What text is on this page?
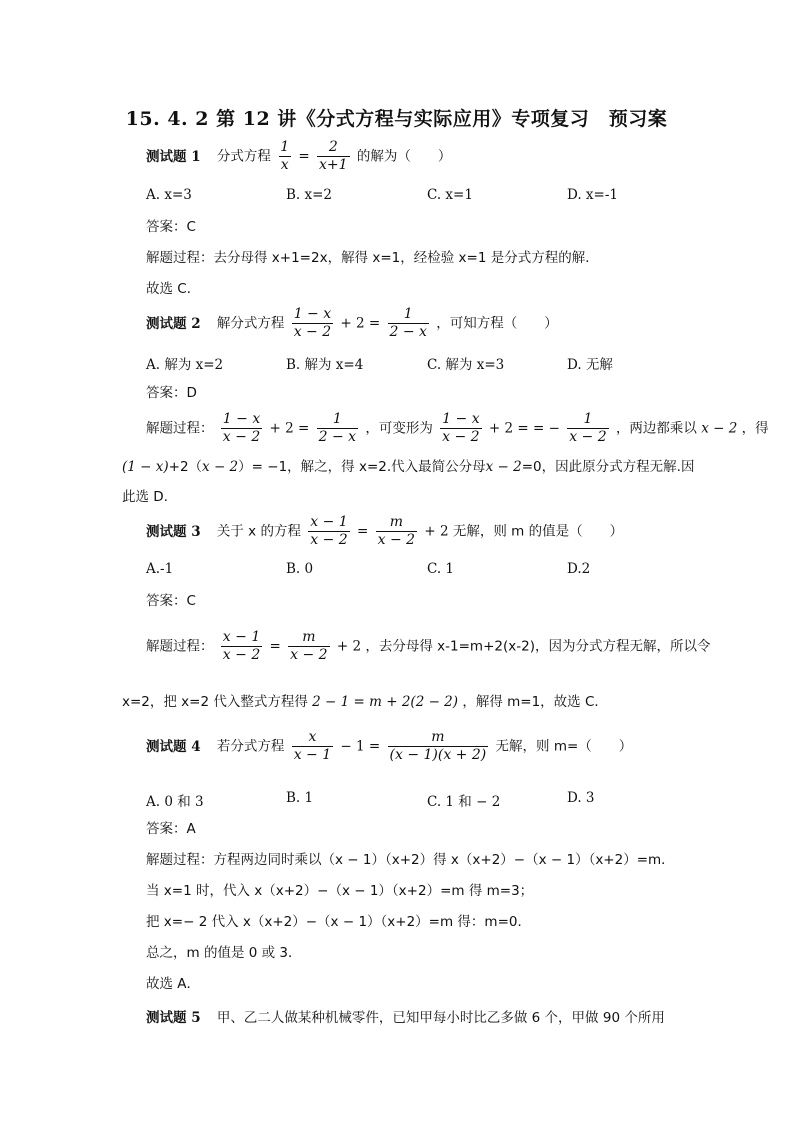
15. 4. 2 第 12 讲《分式方程与实际应用》专项复习　预习案
测试题 1 分式方程 $\frac{1}{x} = \frac{2}{x+1}$ 的解为（　　）
A. x=3	B. x=2	C. x=1	D. x=-1
答案：C
解题过程：去分母得 x+1=2x，解得 x=1，经检验 x=1 是分式方程的解．
故选 C．
测试题 2 解分式方程 $\frac{1 - x}{x - 2} + 2 = \frac{1}{2 - x}$ ，可知方程（　　）
A. 解为 x=2	B. 解为 x=4	C. 解为 x=3	D. 无解
答案：D
解题过程： $\frac{1 - x}{x - 2} + 2 = \frac{1}{2 - x}$ ，可变形为 $\frac{1 - x}{x - 2} + 2$ = = − $\frac{1}{x - 2}$ ，两边都乘以 x − 2 ，得
(1 − x)+2（x − 2）= −1，解之，得 x=2.代入最简公分母x − 2=0，因此原分式方程无解.因
此选 D.
测试题 3 关于 x 的方程 $\frac{x - 1}{x - 2} = \frac{m}{x - 2} + 2$ 无解，则 m 的值是（　　）
A.-1	B. 0	C. 1	D.2
答案：C
解题过程： $\frac{x - 1}{x - 2} = \frac{m}{x - 2} + 2$ ，去分母得 x-1=m+2(x-2)，因为分式方程无解，所以令
x=2，把 x=2 代入整式方程得 2 − 1 = m + 2(2 − 2) ，解得 m=1，故选 C．
测试题 4 若分式方程 $\frac{x}{x - 1} - 1 = \frac{m}{(x - 1)(x + 2)}$ 无解，则 m=（　　）
A. 0 和 3	B. 1	C. 1 和 − 2	D. 3
答案：A
解题过程：方程两边同时乘以（x − 1）（x+2）得 x（x+2）−（x − 1）（x+2）=m．
当 x=1 时，代入 x（x+2）−（x − 1）（x+2）=m 得 m=3；
把 x=− 2 代入 x（x+2）−（x − 1）（x+2）=m 得：m=0．
总之，m 的值是 0 或 3．
故选 A．
测试题 5 甲、乙二人做某种机械零件，已知甲每小时比乙多做 6 个，甲做 90 个所用
